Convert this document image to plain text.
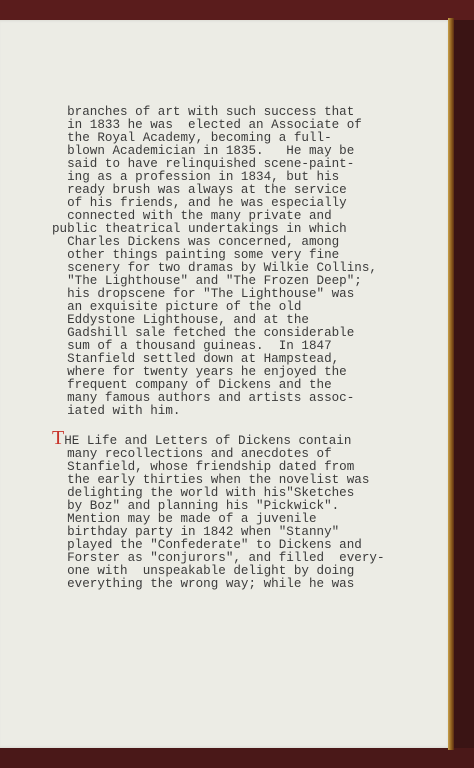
branches of art with such success that
in 1833 he was  elected an Associate of
the Royal Academy, becoming a full-
blown Academician in 1835.   He may be
said to have relinquished scene-paint-
ing as a profession in 1834, but his
ready brush was always at the service
of his friends, and he was especially
connected with the many private and
public theatrical undertakings in which
Charles Dickens was concerned, among
other things painting some very fine
scenery for two dramas by Wilkie Collins,
"The Lighthouse" and "The Frozen Deep";
his dropscene for "The Lighthouse" was
an exquisite picture of the old
Eddystone Lighthouse, and at the
Gadshill sale fetched the considerable
sum of a thousand guineas.  In 1847
Stanfield settled down at Hampstead,
where for twenty years he enjoyed the
frequent company of Dickens and the
many famous authors and artists assoc-
iated with him.
THE Life and Letters of Dickens contain
many recollections and anecdotes of
Stanfield, whose friendship dated from
the early thirties when the novelist was
delighting the world with his"Sketches
by Boz" and planning his "Pickwick".
Mention may be made of a juvenile
birthday party in 1842 when "Stanny"
played the "Confederate" to Dickens and
Forster as "conjurors", and filled  every-
one with  unspeakable delight by doing
everything the wrong way; while he was
